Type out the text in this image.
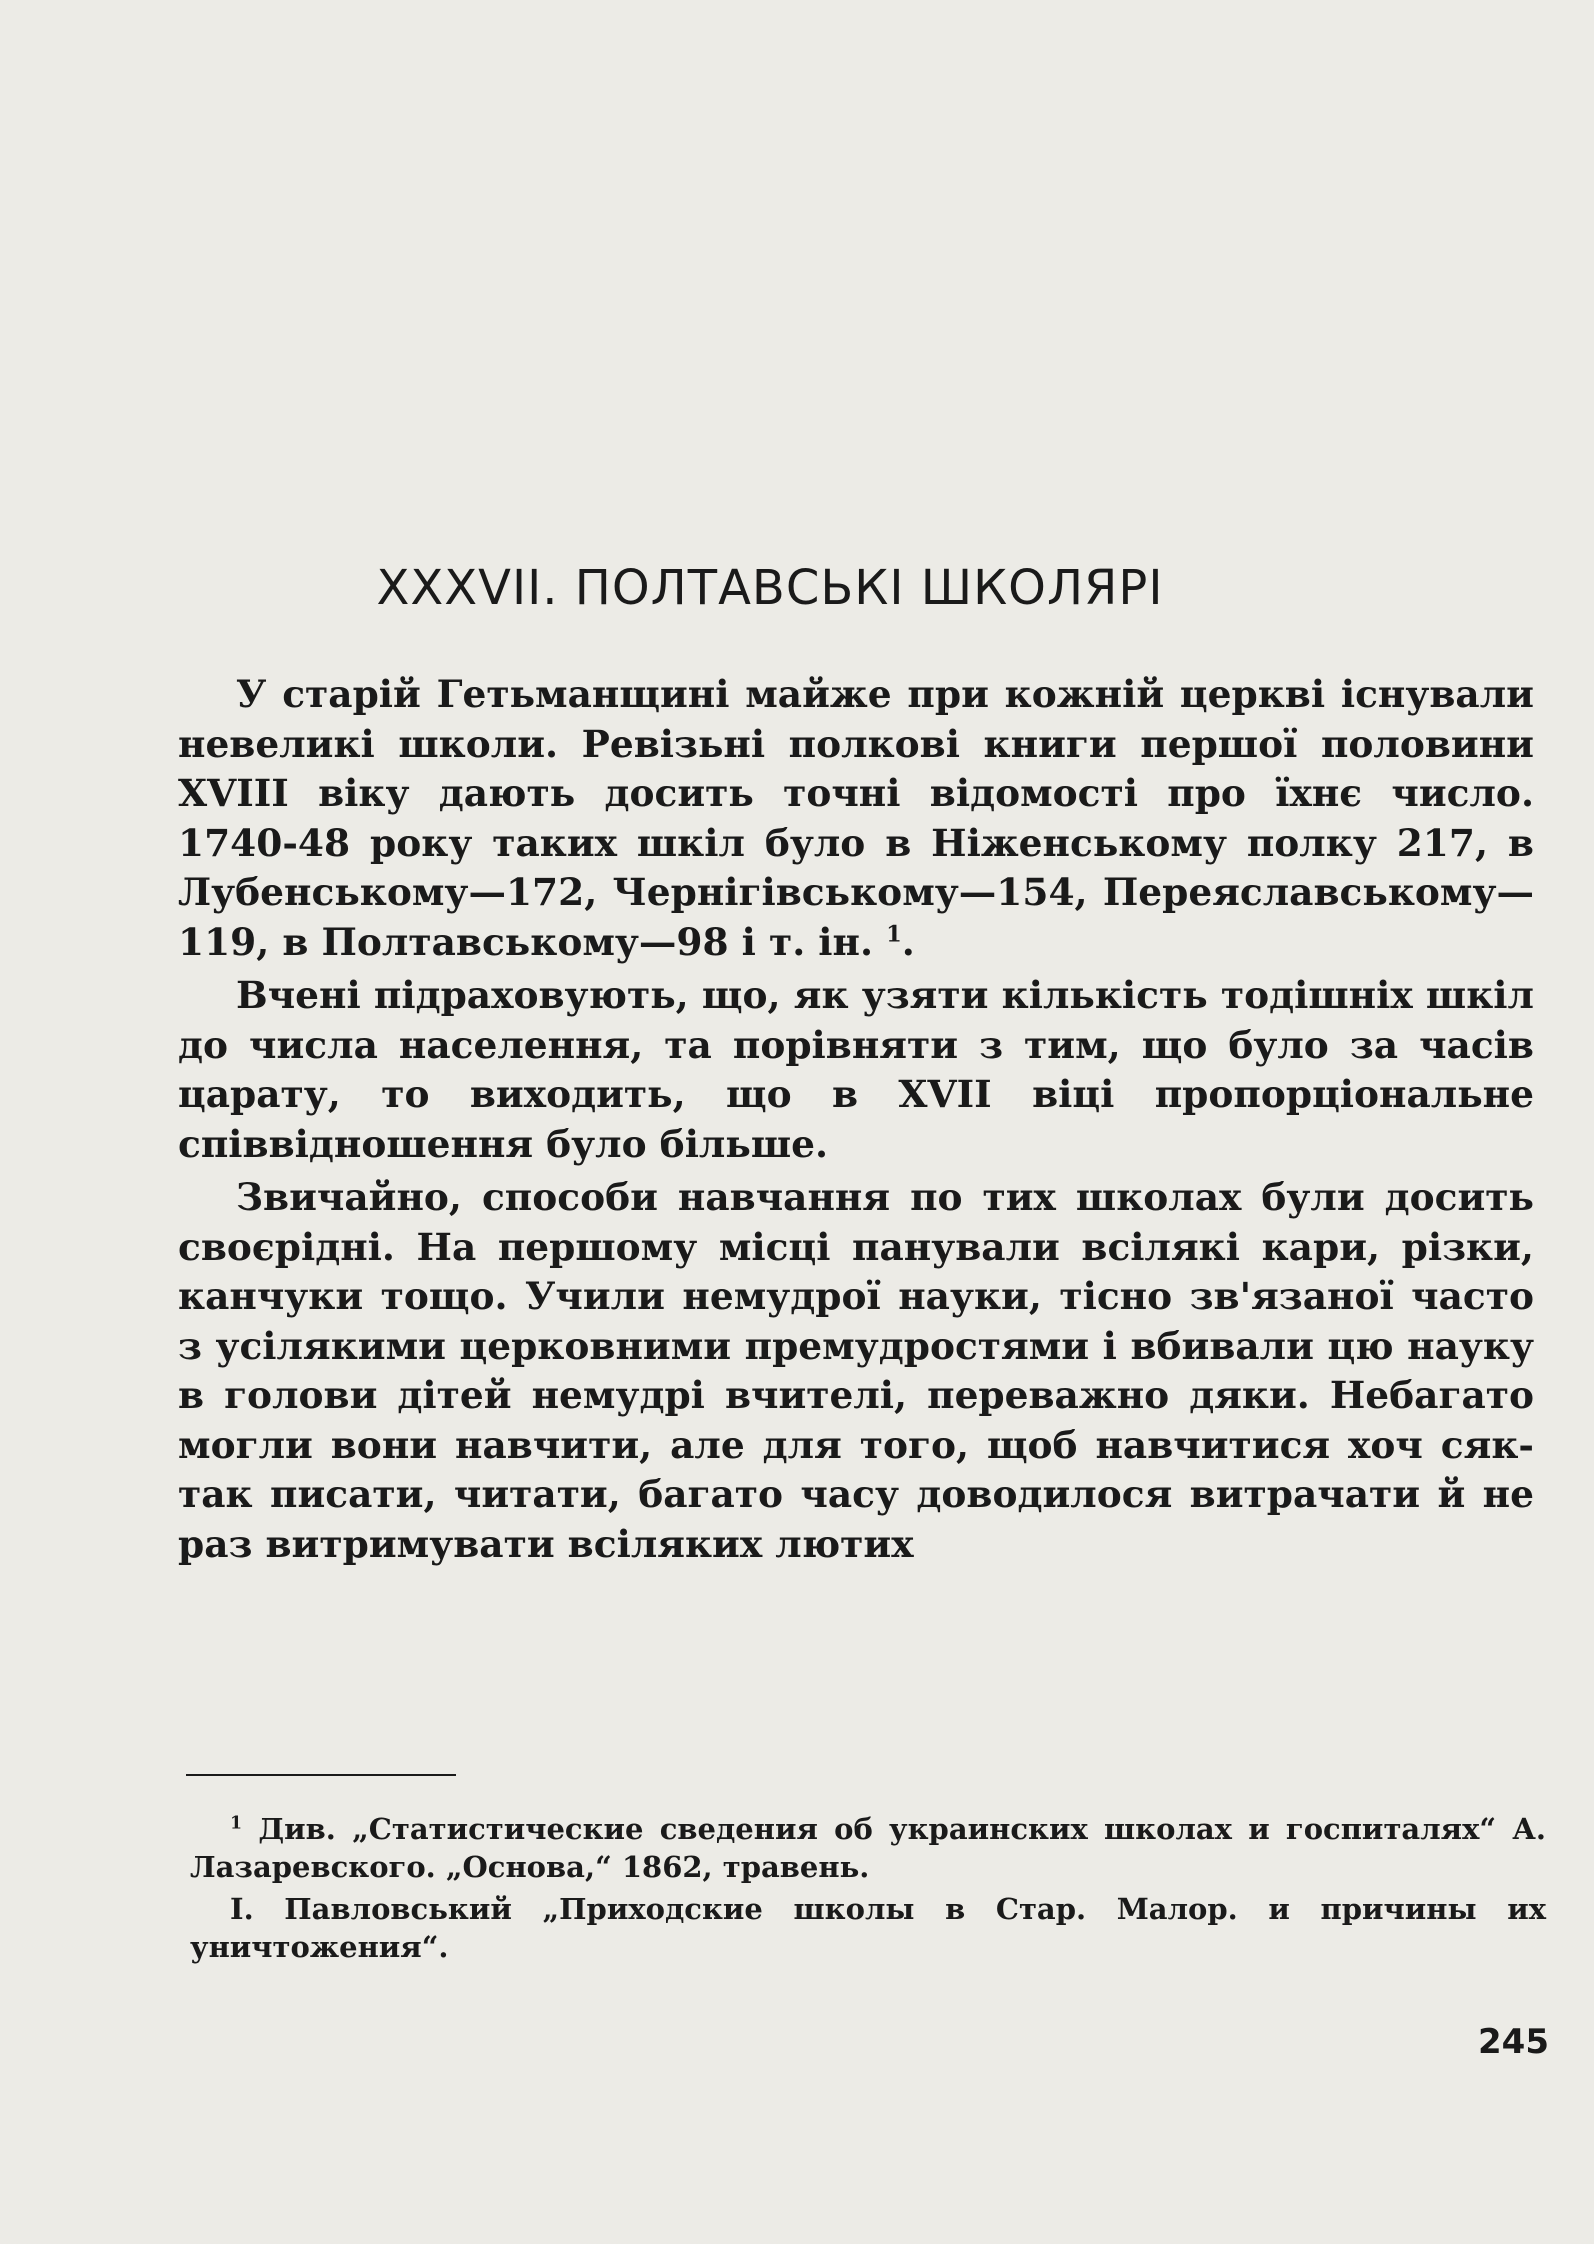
XXXVII. ПОЛТАВСЬКІ ШКОЛЯРІ

У старій Гетьманщині майже при кожній церкві існували невеликі школи. Ревізьні полкові книги першої половини XVIII віку дають досить точні відомості про їхнє число. 1740-48 року таких шкіл було в Ніженському полку 217, в Лубенському—172, Чернігівському—154, Переяславському—119, в Полтавському—98 і т. ін. $^1$.

Вчені підраховують, що, як узяти кількість тодішніх шкіл до числа населення, та порівняти з тим, що було за часів царату, то виходить, що в XVII віці пропорціональне співвідношення було більше.

Звичайно, способи навчання по тих школах були досить своєрідні. На першому місці панували всілякі кари, різки, канчуки тощо. Учили немудрої науки, тісно зв'язаної часто з усілякими церковними премудростями і вбивали цю науку в голови дітей немудрі вчителі, переважно дяки. Небагато могли вони навчити, але для того, щоб навчитися хоч сяк-так писати, читати, багато часу доводилося витрачати й не раз витримувати всіляких лютих

$^1$ Див. „Статистические сведения об украинских школах и госпиталях“ А. Лазаревского. „Основа,“ 1862, травень.

І. Павловський „Приходские школы в Стар. Малор. и причины их уничтожения“.

245
